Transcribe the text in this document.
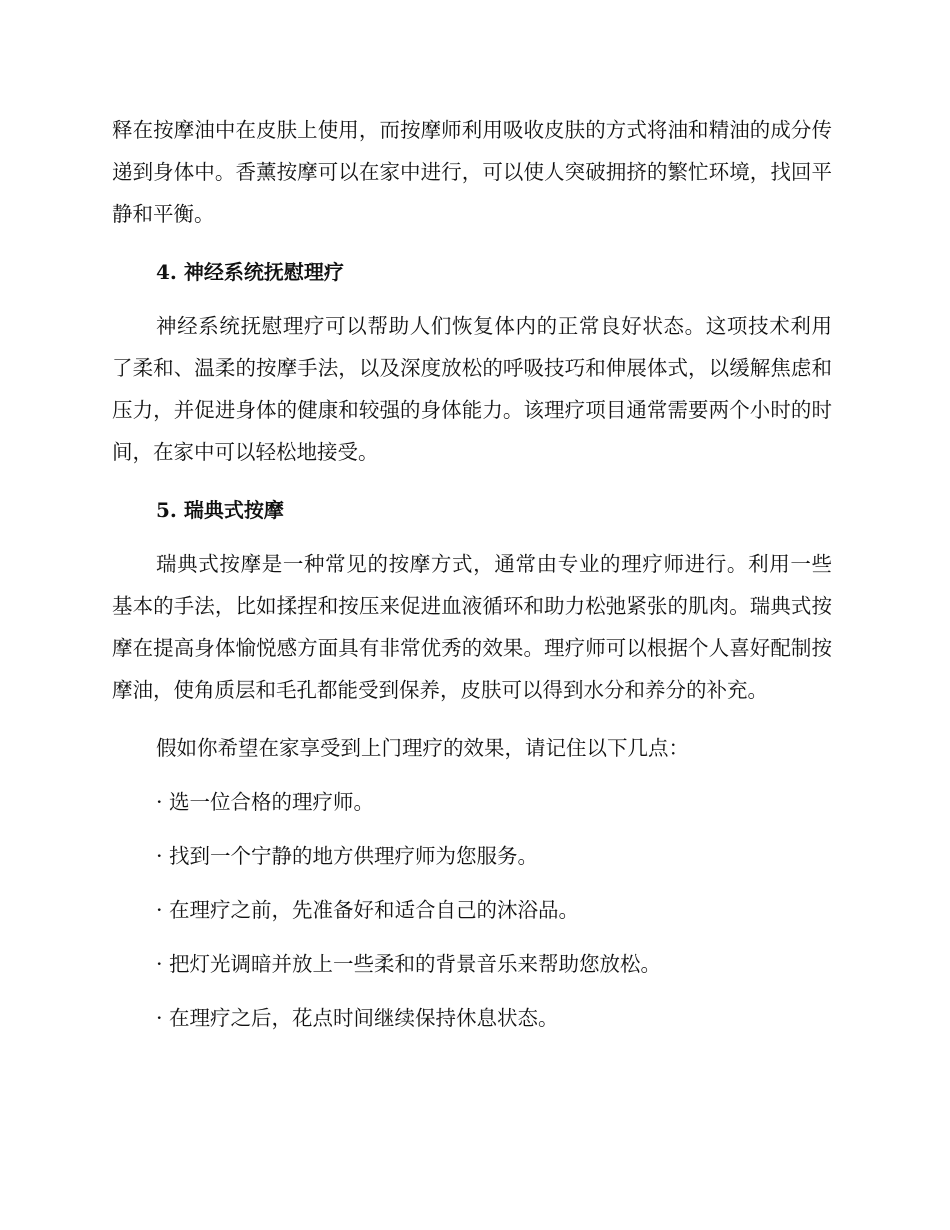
释在按摩油中在皮肤上使用，而按摩师利用吸收皮肤的方式将油和精油的成分传递到身体中。香薰按摩可以在家中进行，可以使人突破拥挤的繁忙环境，找回平静和平衡。

4. 神经系统抚慰理疗

神经系统抚慰理疗可以帮助人们恢复体内的正常良好状态。这项技术利用了柔和、温柔的按摩手法，以及深度放松的呼吸技巧和伸展体式，以缓解焦虑和压力，并促进身体的健康和较强的身体能力。该理疗项目通常需要两个小时的时间，在家中可以轻松地接受。

5. 瑞典式按摩

瑞典式按摩是一种常见的按摩方式，通常由专业的理疗师进行。利用一些基本的手法，比如揉捏和按压来促进血液循环和助力松弛紧张的肌肉。瑞典式按摩在提高身体愉悦感方面具有非常优秀的效果。理疗师可以根据个人喜好配制按摩油，使角质层和毛孔都能受到保养，皮肤可以得到水分和养分的补充。

假如你希望在家享受到上门理疗的效果，请记住以下几点：

· 选一位合格的理疗师。

· 找到一个宁静的地方供理疗师为您服务。

· 在理疗之前，先准备好和适合自己的沐浴品。

· 把灯光调暗并放上一些柔和的背景音乐来帮助您放松。

· 在理疗之后，花点时间继续保持休息状态。
